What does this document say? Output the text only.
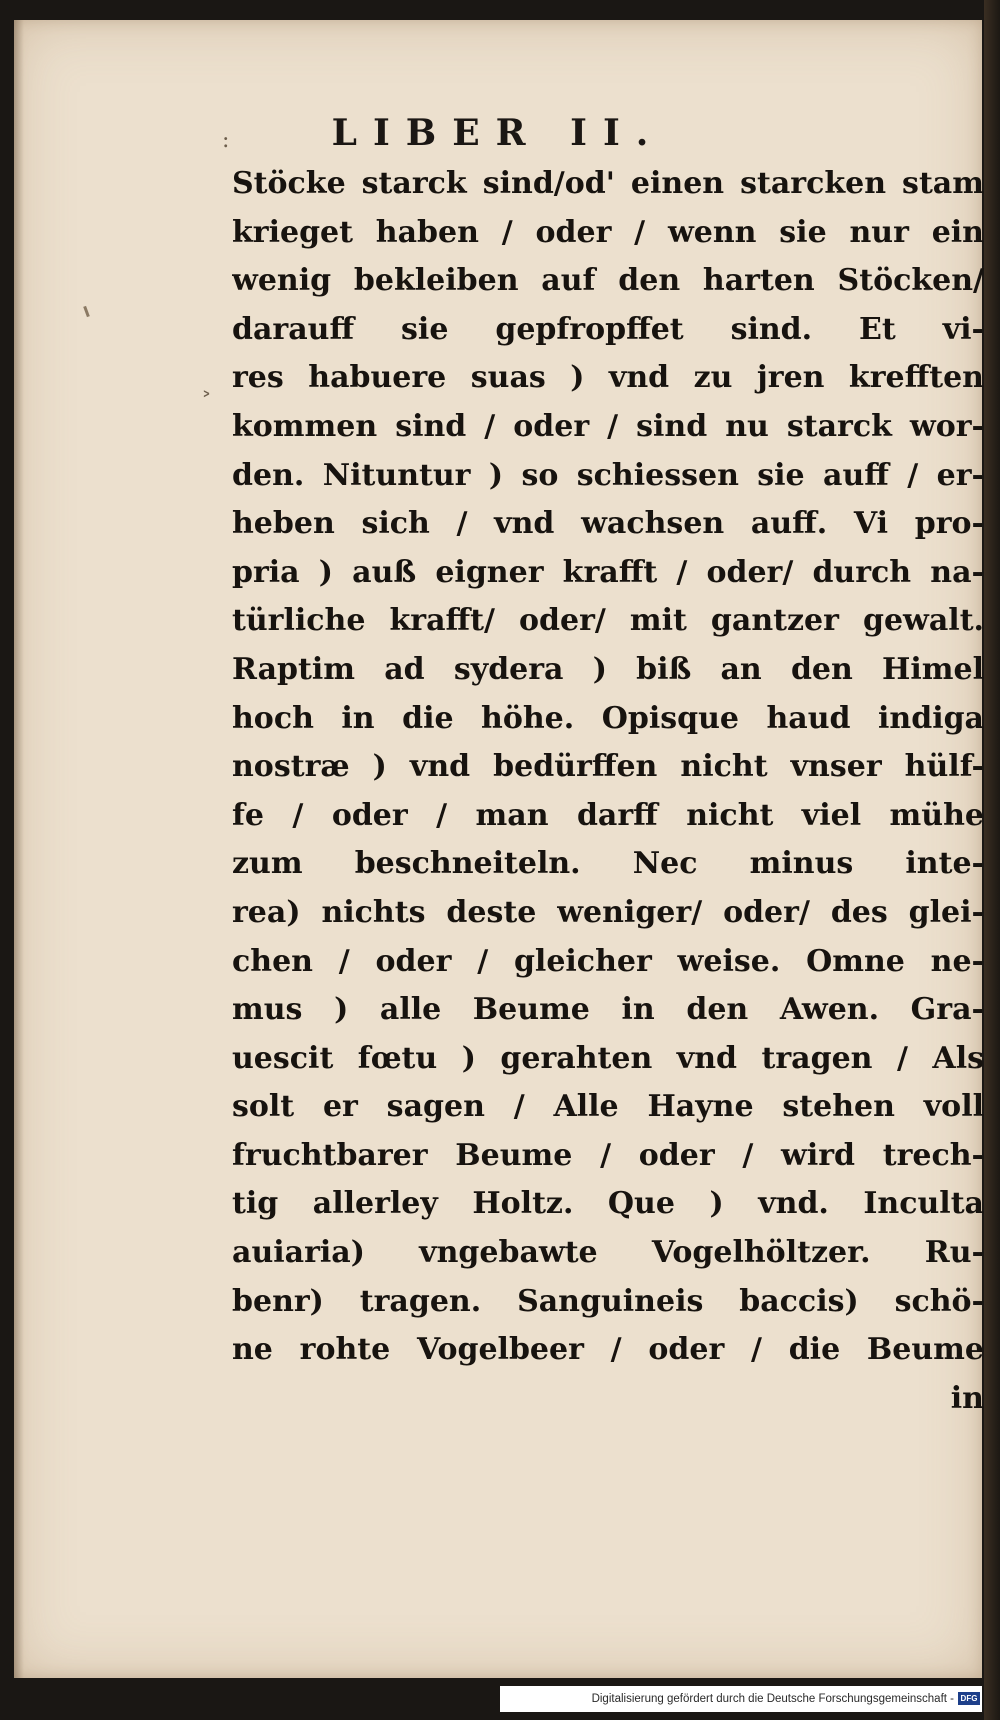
LIBER II.
:
˃
Stöcke starck sind/od' einen starcken stam
krieget haben / oder / wenn sie nur ein
wenig bekleiben auf den harten Stöcken/
darauff sie gepfropffet sind. Et vi-
res habuere suas ) vnd zu jren krefften
kommen sind / oder / sind nu starck wor-
den. Nituntur ) so schiessen sie auff / er-
heben sich / vnd wachsen auff. Vi pro-
pria ) auß eigner krafft / oder/ durch na-
türliche krafft/ oder/ mit gantzer gewalt.
Raptim ad sydera ) biß an den Himel
hoch in die höhe. Opisque haud indiga
nostræ ) vnd bedürffen nicht vnser hülf-
fe / oder / man darff nicht viel mühe
zum beschneiteln. Nec minus inte-
rea) nichts deste weniger/ oder/ des glei-
chen / oder / gleicher weise. Omne ne-
mus ) alle Beume in den Awen. Gra-
uescit fœtu ) gerahten vnd tragen / Als
solt er sagen / Alle Hayne stehen voll
fruchtbarer Beume / oder / wird trech-
tig allerley Holtz. Que ) vnd. Inculta
auiaria) vngebawte Vogelhöltzer. Ru-
benr) tragen. Sanguineis baccis) schö-
ne rohte Vogelbeer / oder / die Beume
in
Digitalisierung gefördert durch die Deutsche Forschungsgemeinschaft - DFG
